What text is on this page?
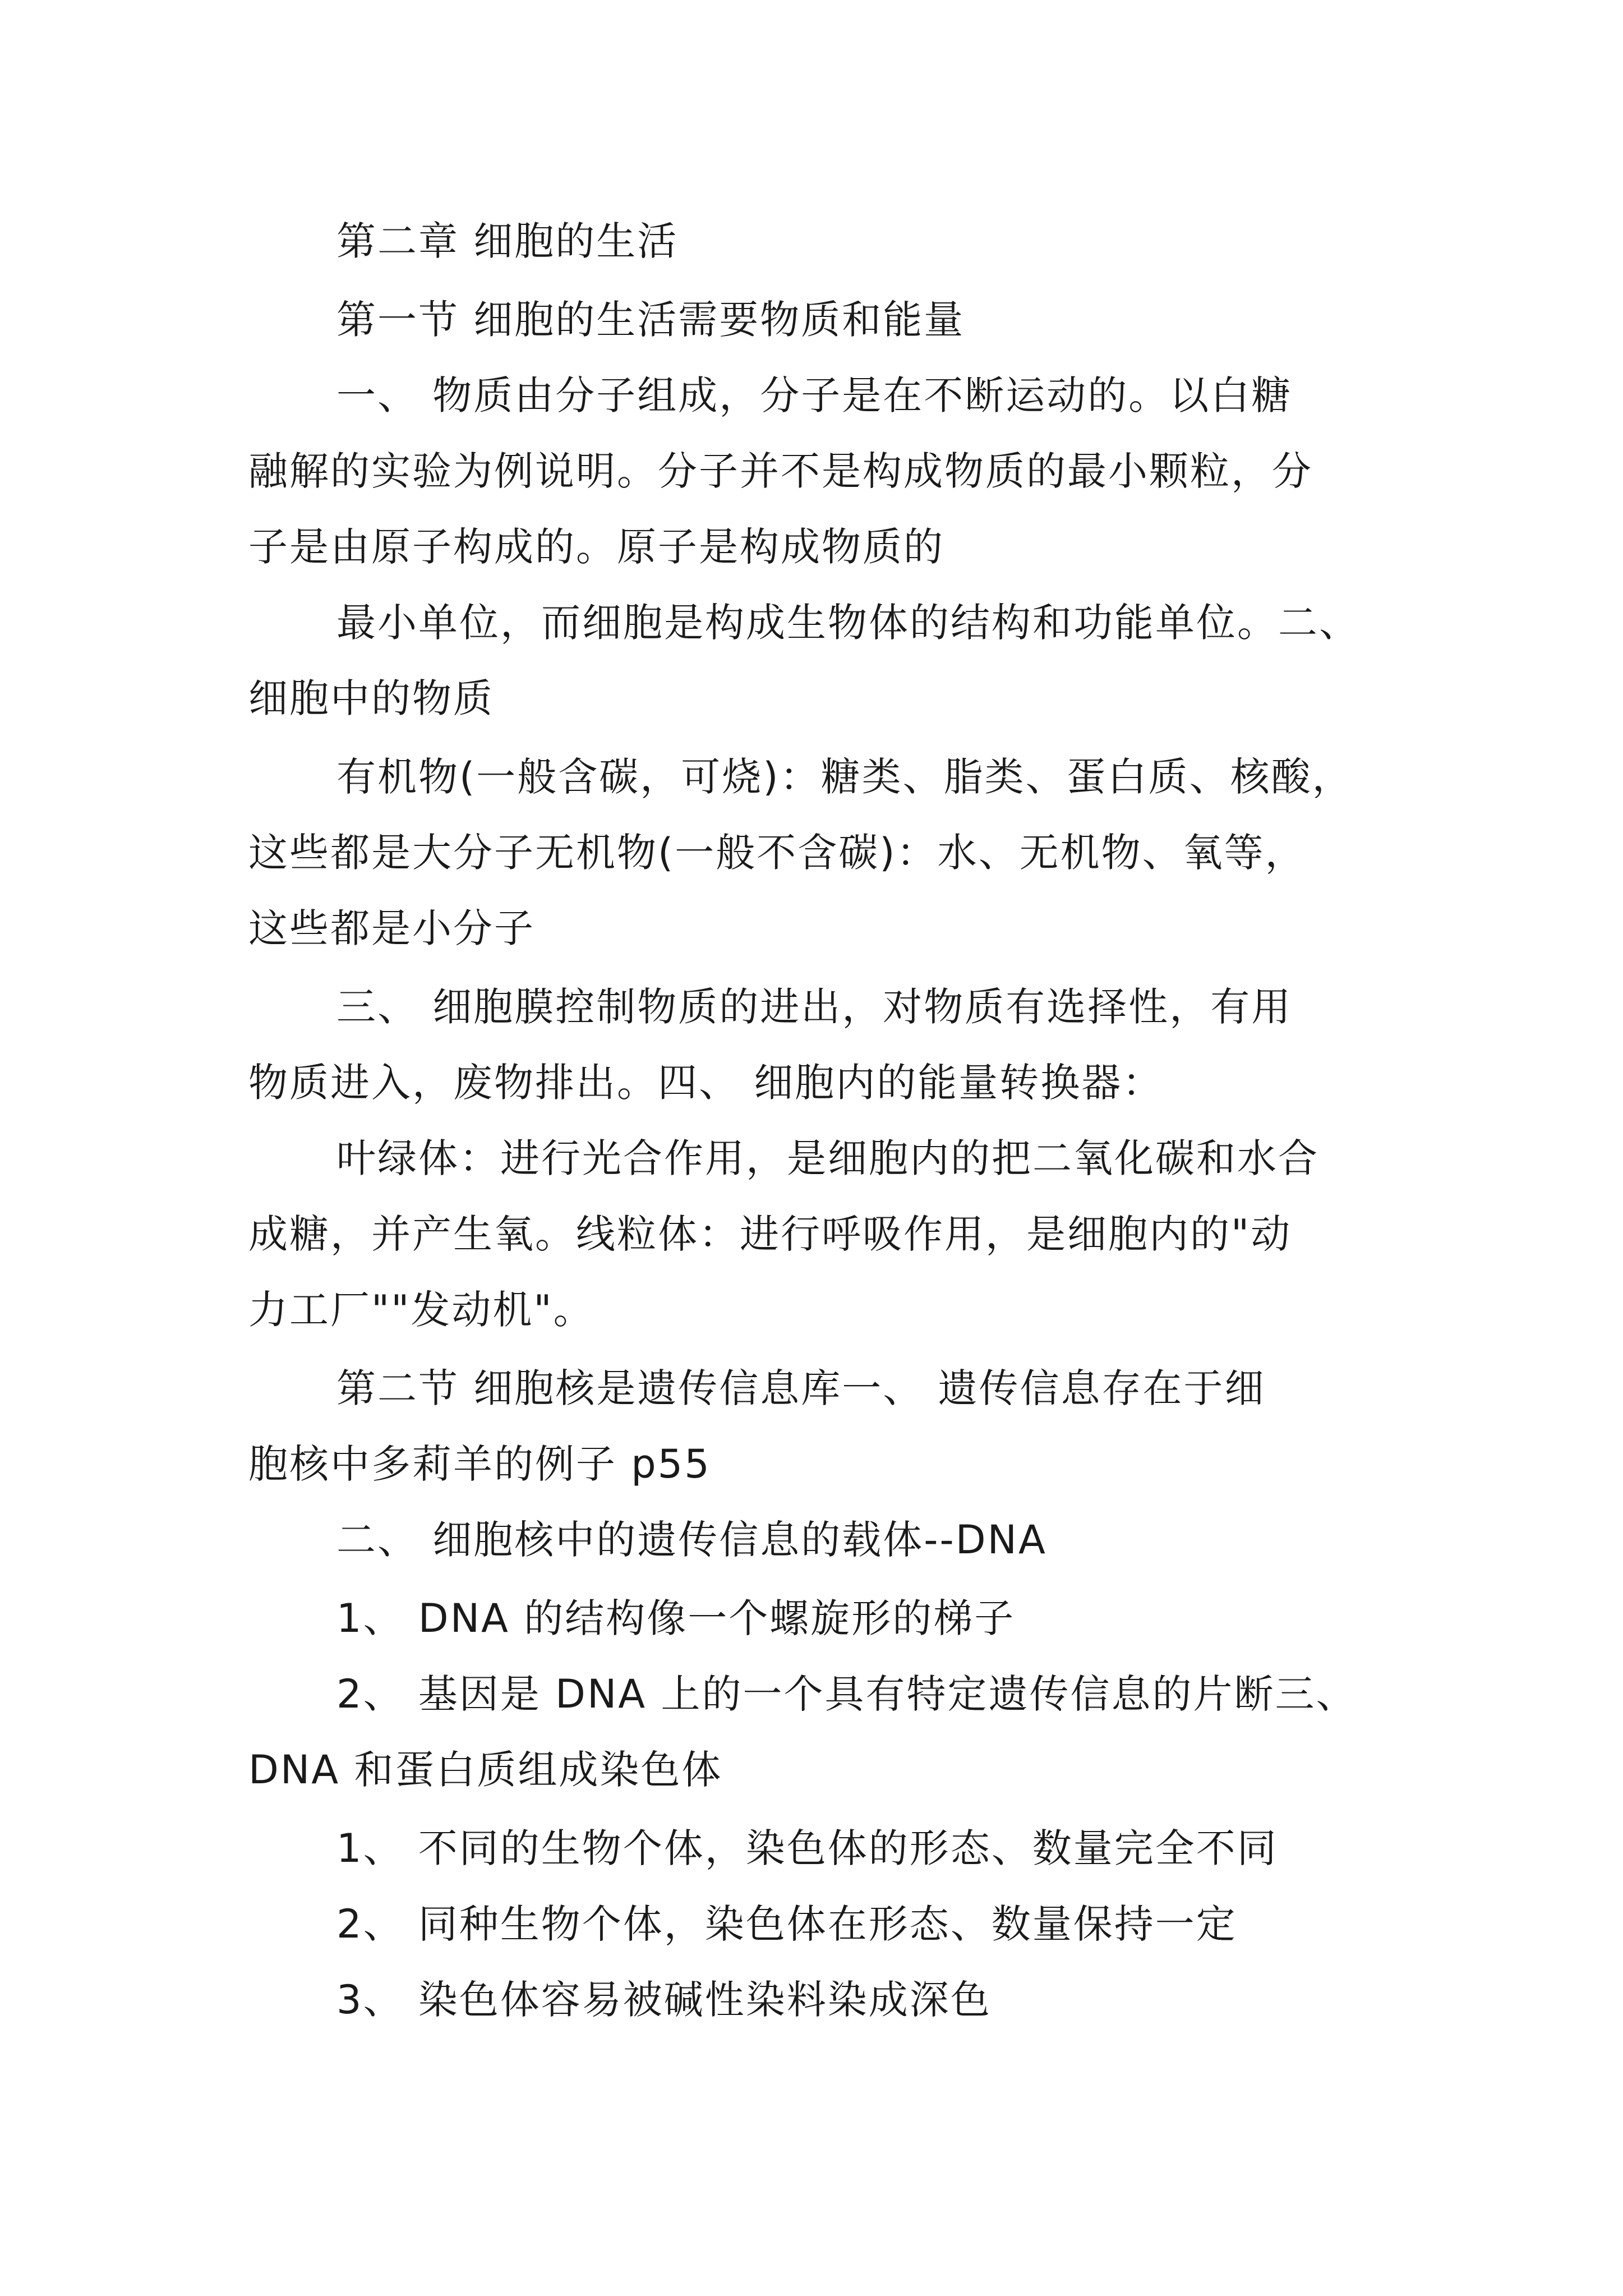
第二章 细胞的生活
第一节 细胞的生活需要物质和能量
一、 物质由分子组成，分子是在不断运动的。以白糖
融解的实验为例说明。分子并不是构成物质的最小颗粒，分
子是由原子构成的。原子是构成物质的
最小单位，而细胞是构成生物体的结构和功能单位。二、
细胞中的物质
有机物(一般含碳，可烧)：糖类、脂类、蛋白质、核酸，
这些都是大分子无机物(一般不含碳)：水、无机物、氧等，
这些都是小分子
三、 细胞膜控制物质的进出，对物质有选择性，有用
物质进入，废物排出。四、 细胞内的能量转换器：
叶绿体：进行光合作用，是细胞内的把二氧化碳和水合
成糖，并产生氧。线粒体：进行呼吸作用，是细胞内的"动
力工厂""发动机"。
第二节 细胞核是遗传信息库一、 遗传信息存在于细
胞核中多莉羊的例子 p55
二、 细胞核中的遗传信息的载体--DNA
1、 DNA 的结构像一个螺旋形的梯子
2、 基因是 DNA 上的一个具有特定遗传信息的片断三、
DNA 和蛋白质组成染色体
1、 不同的生物个体，染色体的形态、数量完全不同
2、 同种生物个体，染色体在形态、数量保持一定
3、 染色体容易被碱性染料染成深色
